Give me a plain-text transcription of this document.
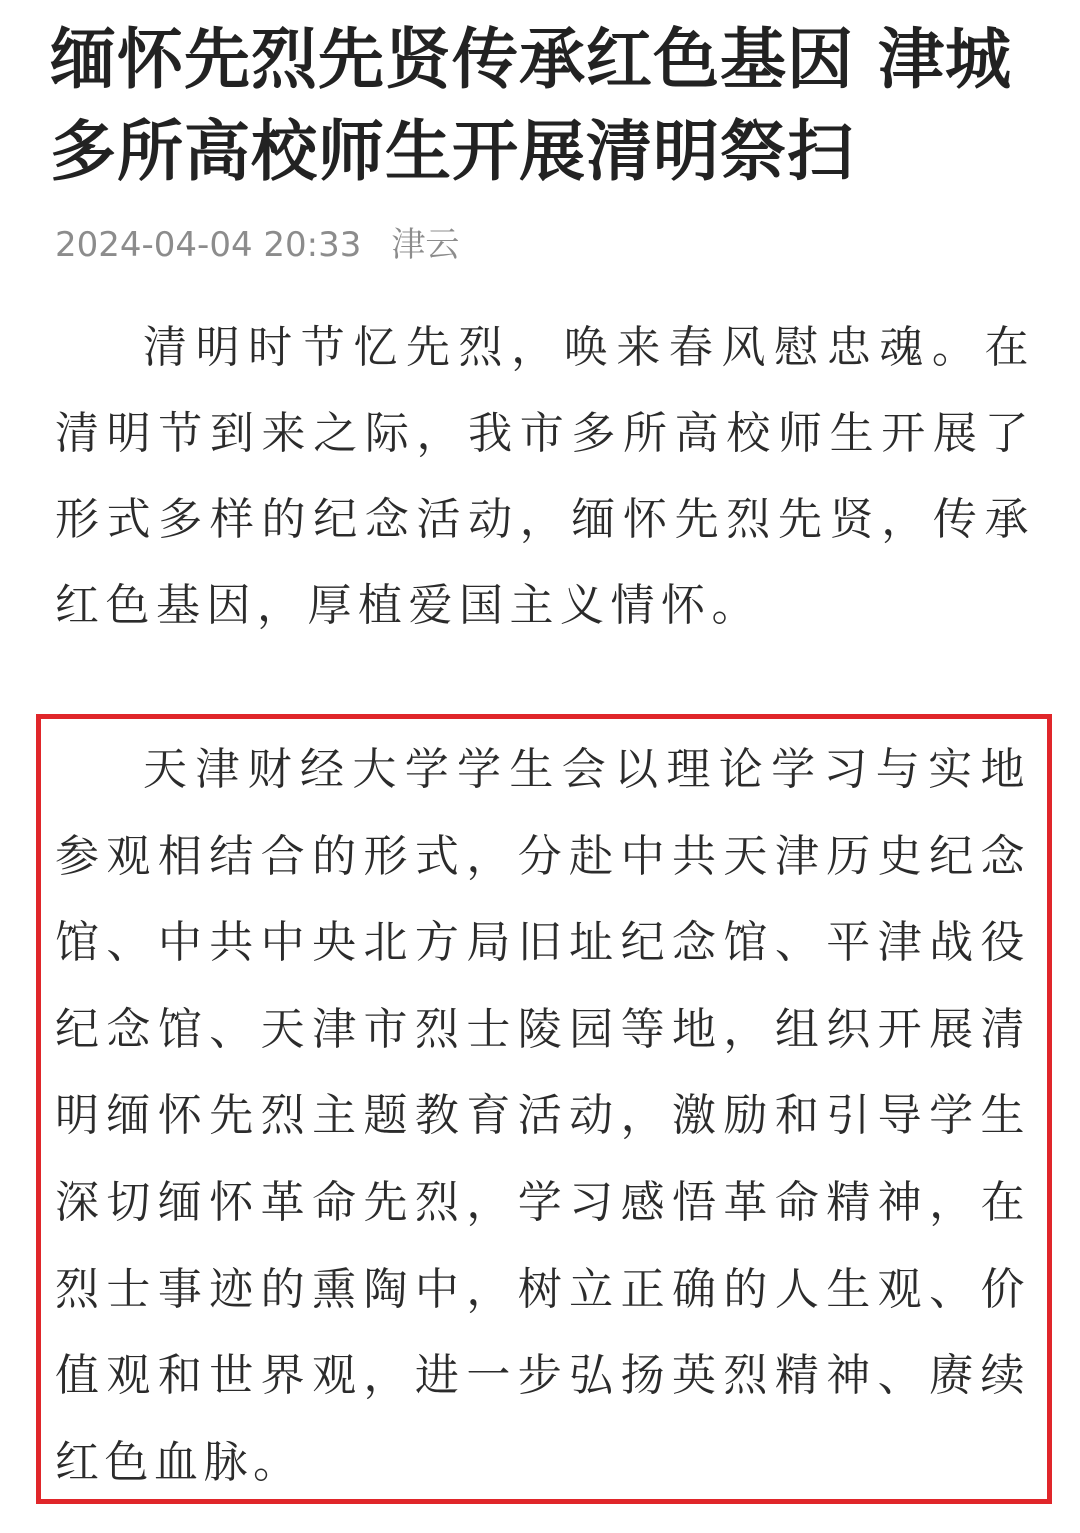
缅怀先烈先贤传承红色基因 津城多所高校师生开展清明祭扫
2024-04-04 20:33 津云

清明时节忆先烈，唤来春风慰忠魂。在清明节到来之际，我市多所高校师生开展了形式多样的纪念活动，缅怀先烈先贤，传承红色基因，厚植爱国主义情怀。

天津财经大学学生会以理论学习与实地参观相结合的形式，分赴中共天津历史纪念馆、中共中央北方局旧址纪念馆、平津战役纪念馆、天津市烈士陵园等地，组织开展清明缅怀先烈主题教育活动，激励和引导学生深切缅怀革命先烈，学习感悟革命精神，在烈士事迹的熏陶中，树立正确的人生观、价值观和世界观，进一步弘扬英烈精神、赓续红色血脉。
